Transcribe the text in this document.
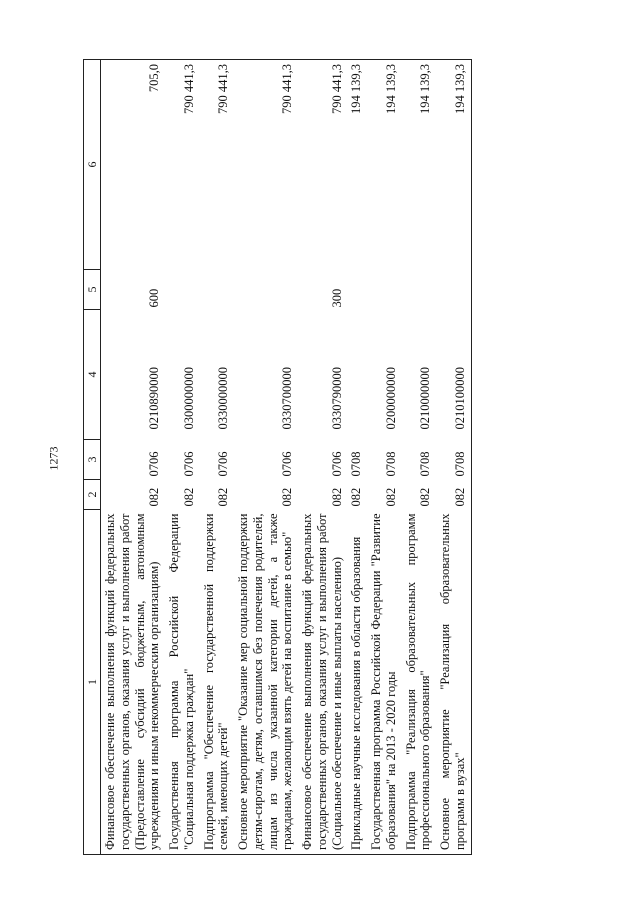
1273
1	2	3	4	5	6
Финансовое обеспечение выполнения функций федеральных государственных органов, оказания услуг и выполнения работ (Предоставление субсидий бюджетным, автономным учреждениям и иным некоммерческим организациям)	082	0706	0210890000	600	705,0
Государственная программа Российской Федерации "Социальная поддержка граждан"	082	0706	0300000000		790 441,3
Подпрограмма "Обеспечение государственной поддержки семей, имеющих детей"	082	0706	0330000000		790 441,3
Основное мероприятие "Оказание мер социальной поддержки детям-сиротам, детям, оставшимся без попечения родителей, лицам из числа указанной категории детей, а также гражданам, желающим взять детей на воспитание в семью"	082	0706	0330700000		790 441,3
Финансовое обеспечение выполнения функций федеральных государственных органов, оказания услуг и выполнения работ (Социальное обеспечение и иные выплаты населению)	082	0706	0330790000	300	790 441,3
Прикладные научные исследования в области образования	082	0708			194 139,3
Государственная программа Российской Федерации "Развитие образования" на 2013 - 2020 годы	082	0708	0200000000		194 139,3
Подпрограмма "Реализация образовательных программ профессионального образования"	082	0708	0210000000		194 139,3
Основное мероприятие "Реализация образовательных программ в вузах"	082	0708	0210100000		194 139,3
